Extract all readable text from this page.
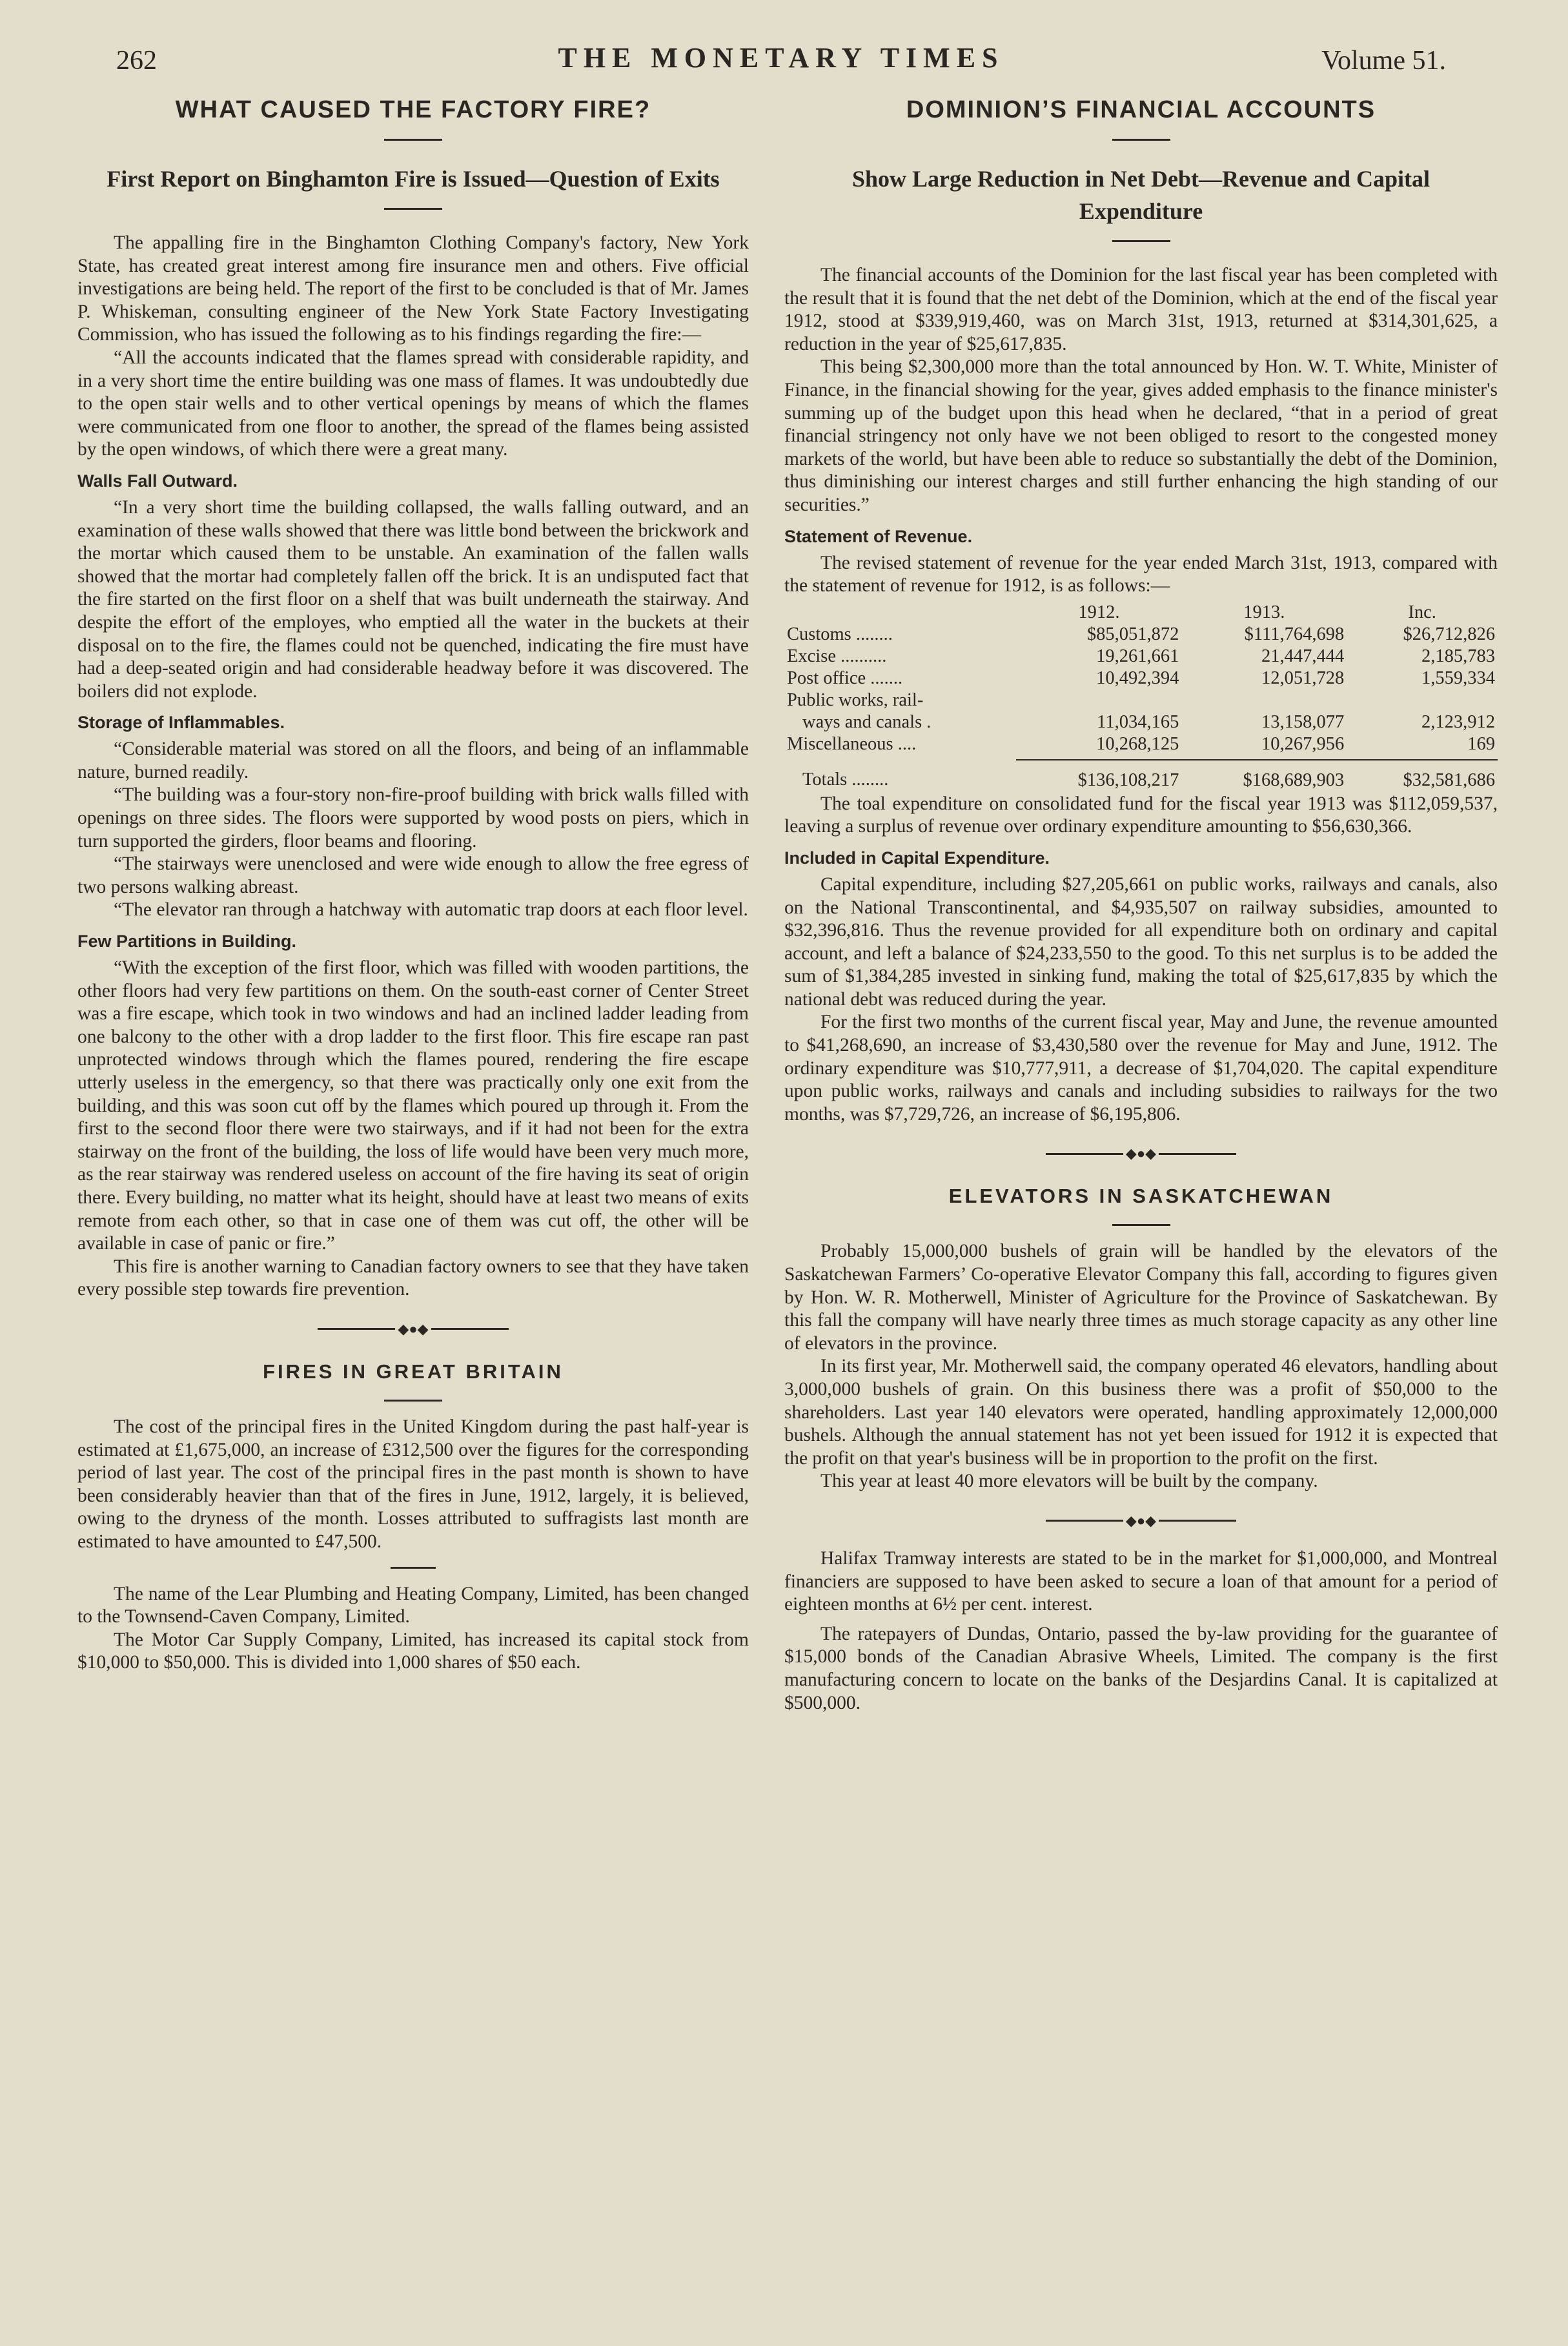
262	THE MONETARY TIMES	Volume 51.
WHAT CAUSED THE FACTORY FIRE?
First Report on Binghamton Fire is Issued—Question of Exits

The appalling fire in the Binghamton Clothing Company's factory, New York State, has created great interest among fire insurance men and others. Five official investigations are being held. The report of the first to be concluded is that of Mr. James P. Whiskeman, consulting engineer of the New York State Factory Investigating Commission, who has issued the following as to his findings regarding the fire:—

“All the accounts indicated that the flames spread with considerable rapidity, and in a very short time the entire building was one mass of flames. It was undoubtedly due to the open stair wells and to other vertical openings by means of which the flames were communicated from one floor to another, the spread of the flames being assisted by the open windows, of which there were a great many.

Walls Fall Outward.

“In a very short time the building collapsed, the walls falling outward, and an examination of these walls showed that there was little bond between the brickwork and the mortar which caused them to be unstable. An examination of the fallen walls showed that the mortar had completely fallen off the brick. It is an undisputed fact that the fire started on the first floor on a shelf that was built underneath the stairway. And despite the effort of the employes, who emptied all the water in the buckets at their disposal on to the fire, the flames could not be quenched, indicating the fire must have had a deep-seated origin and had considerable headway before it was discovered. The boilers did not explode.

Storage of Inflammables.

“Considerable material was stored on all the floors, and being of an inflammable nature, burned readily.

“The building was a four-story non-fire-proof building with brick walls filled with openings on three sides. The floors were supported by wood posts on piers, which in turn supported the girders, floor beams and flooring.

“The stairways were unenclosed and were wide enough to allow the free egress of two persons walking abreast.

“The elevator ran through a hatchway with automatic trap doors at each floor level.

Few Partitions in Building.

“With the exception of the first floor, which was filled with wooden partitions, the other floors had very few partitions on them. On the south-east corner of Center Street was a fire escape, which took in two windows and had an inclined ladder leading from one balcony to the other with a drop ladder to the first floor. This fire escape ran past unprotected windows through which the flames poured, rendering the fire escape utterly useless in the emergency, so that there was practically only one exit from the building, and this was soon cut off by the flames which poured up through it. From the first to the second floor there were two stairways, and if it had not been for the extra stairway on the front of the building, the loss of life would have been very much more, as the rear stairway was rendered useless on account of the fire having its seat of origin there. Every building, no matter what its height, should have at least two means of exits remote from each other, so that in case one of them was cut off, the other will be available in case of panic or fire.”

This fire is another warning to Canadian factory owners to see that they have taken every possible step towards fire prevention.

◆●◆
FIRES IN GREAT BRITAIN

The cost of the principal fires in the United Kingdom during the past half-year is estimated at £1,675,000, an increase of £312,500 over the figures for the corresponding period of last year. The cost of the principal fires in the past month is shown to have been considerably heavier than that of the fires in June, 1912, largely, it is believed, owing to the dryness of the month. Losses attributed to suffragists last month are estimated to have amounted to £47,500.

The name of the Lear Plumbing and Heating Company, Limited, has been changed to the Townsend-Caven Company, Limited.

The Motor Car Supply Company, Limited, has increased its capital stock from $10,000 to $50,000. This is divided into 1,000 shares of $50 each.

DOMINION’S FINANCIAL ACCOUNTS
Show Large Reduction in Net Debt—Revenue and Capital Expenditure

The financial accounts of the Dominion for the last fiscal year has been completed with the result that it is found that the net debt of the Dominion, which at the end of the fiscal year 1912, stood at $339,919,460, was on March 31st, 1913, returned at $314,301,625, a reduction in the year of $25,617,835.

This being $2,300,000 more than the total announced by Hon. W. T. White, Minister of Finance, in the financial showing for the year, gives added emphasis to the finance minister's summing up of the budget upon this head when he declared, “that in a period of great financial stringency not only have we not been obliged to resort to the congested money markets of the world, but have been able to reduce so substantially the debt of the Dominion, thus diminishing our interest charges and still further enhancing the high standing of our securities.”

Statement of Revenue.

The revised statement of revenue for the year ended March 31st, 1913, compared with the statement of revenue for 1912, is as follows:—

	1912.	1913.	Inc.
Customs ........	$85,051,872	$111,764,698	$26,712,826
Excise ..........	19,261,661	21,447,444	2,185,783
Post office .......	10,492,394	12,051,728	1,559,334
Public works, rail-			
ways and canals .	11,034,165	13,158,077	2,123,912
Miscellaneous ....	10,268,125	10,267,956	169

Totals ........	$136,108,217	$168,689,903	$32,581,686

The toal expenditure on consolidated fund for the fiscal year 1913 was $112,059,537, leaving a surplus of revenue over ordinary expenditure amounting to $56,630,366.

Included in Capital Expenditure.

Capital expenditure, including $27,205,661 on public works, railways and canals, also on the National Transcontinental, and $4,935,507 on railway subsidies, amounted to $32,396,816. Thus the revenue provided for all expenditure both on ordinary and capital account, and left a balance of $24,233,550 to the good. To this net surplus is to be added the sum of $1,384,285 invested in sinking fund, making the total of $25,617,835 by which the national debt was reduced during the year.

For the first two months of the current fiscal year, May and June, the revenue amounted to $41,268,690, an increase of $3,430,580 over the revenue for May and June, 1912. The ordinary expenditure was $10,777,911, a decrease of $1,704,020. The capital expenditure upon public works, railways and canals and including subsidies to railways for the two months, was $7,729,726, an increase of $6,195,806.

◆●◆
ELEVATORS IN SASKATCHEWAN

Probably 15,000,000 bushels of grain will be handled by the elevators of the Saskatchewan Farmers’ Co-operative Elevator Company this fall, according to figures given by Hon. W. R. Motherwell, Minister of Agriculture for the Province of Saskatchewan. By this fall the company will have nearly three times as much storage capacity as any other line of elevators in the province.

In its first year, Mr. Motherwell said, the company operated 46 elevators, handling about 3,000,000 bushels of grain. On this business there was a profit of $50,000 to the shareholders. Last year 140 elevators were operated, handling approximately 12,000,000 bushels. Although the annual statement has not yet been issued for 1912 it is expected that the profit on that year's business will be in proportion to the profit on the first.

This year at least 40 more elevators will be built by the company.

◆●◆

Halifax Tramway interests are stated to be in the market for $1,000,000, and Montreal financiers are supposed to have been asked to secure a loan of that amount for a period of eighteen months at 6½ per cent. interest.

The ratepayers of Dundas, Ontario, passed the by-law providing for the guarantee of $15,000 bonds of the Canadian Abrasive Wheels, Limited. The company is the first manufacturing concern to locate on the banks of the Desjardins Canal. It is capitalized at $500,000.
